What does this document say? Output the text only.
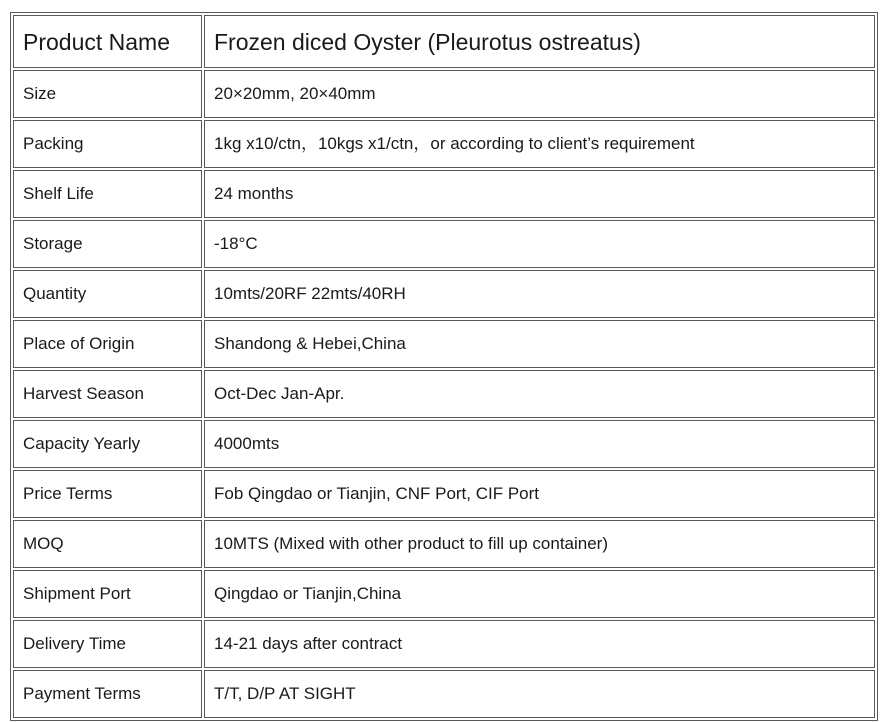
Product Name	Frozen diced Oyster (Pleurotus ostreatus)
Size	20×20mm, 20×40mm
Packing	1kg x10/ctn，10kgs x1/ctn，or according to client’s requirement
Shelf Life	24 months
Storage	-18°C
Quantity	10mts/20RF 22mts/40RH
Place of Origin	Shandong & Hebei,China
Harvest Season	Oct-Dec Jan-Apr.
Capacity Yearly	4000mts
Price Terms	Fob Qingdao or Tianjin, CNF Port, CIF Port
MOQ	10MTS (Mixed with other product to fill up container)
Shipment Port	Qingdao or Tianjin,China
Delivery Time	14-21 days after contract
Payment Terms	T/T, D/P AT SIGHT
